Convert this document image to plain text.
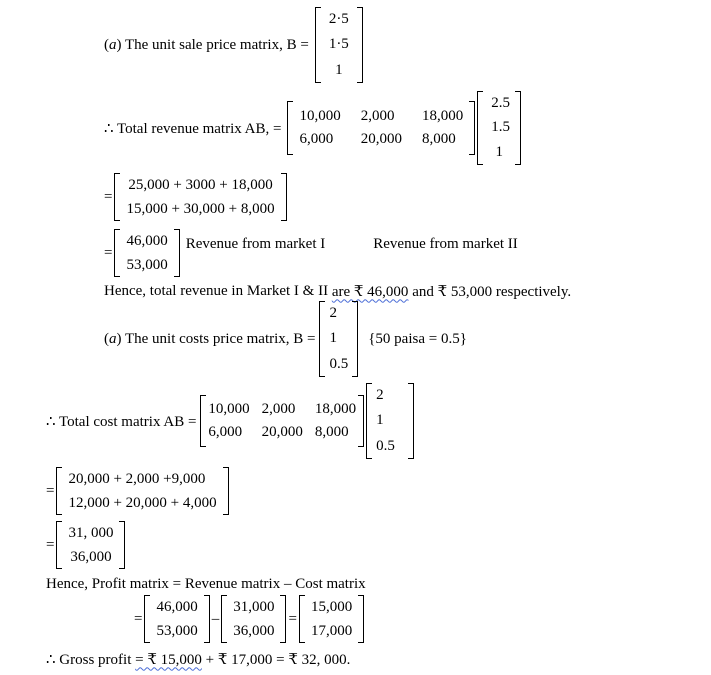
( a ) The unit sale price matrix, B =
2·5
1·5
1
∴ Total revenue matrix AB, =
10,000 2,000	18,000
6,000	20,000 8,000
2.5
1.5
1
=
25,000 + 3000 + 18,000
15,000 + 30,000 + 8,000
=
46,000
53,000
Revenue from market I	Revenue from market II
Hence, total revenue in Market I & II are ₹ 46,000 and ₹ 53,000 respectively.
( a ) The unit costs price matrix, B =
2
1
0.5
{50 paisa = 0.5}
∴ Total cost matrix AB =
10,000 2,000	18,000
6,000	20,000 8,000
2
1
0.5
=
20,000 + 2,000 +9,000
12,000 + 20,000 + 4,000
=
31, 000
36,000
Hence, Profit matrix = Revenue matrix – Cost matrix
=
46,000
53,000
–
31,000
36,000
=
15,000
17,000
∴ Gross profit = ₹ 15,000 + ₹ 17,000 = ₹ 32, 000.
